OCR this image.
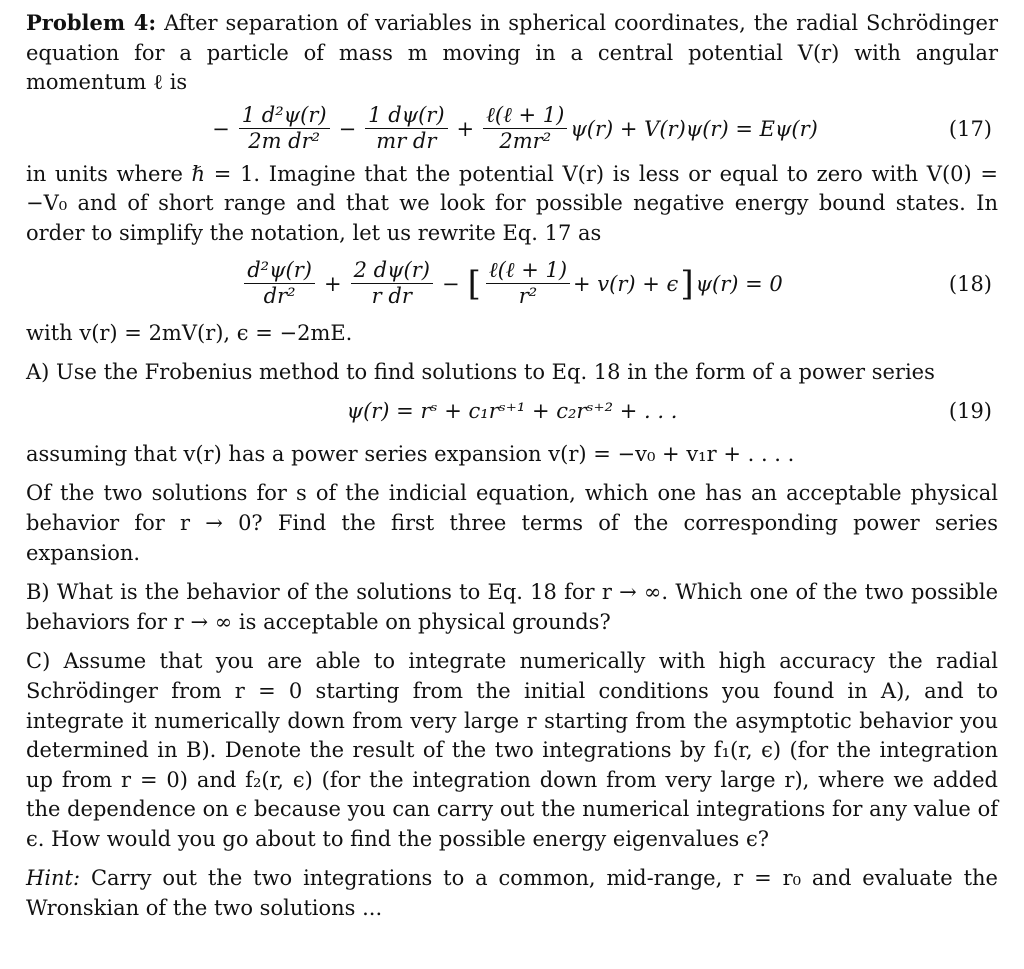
Problem 4: After separation of variables in spherical coordinates, the radial Schrödinger equation for a particle of mass m moving in a central potential V(r) with angular momentum ℓ is

− $\frac{\text{1 d²ψ(r)}}{\text{2m dr²}} - \frac{1 d\psi(r)}{\text{mr dr}} + \frac{\text{ℓ(ℓ + 1)}}{\text{2mr²}} \psi(r) + V(r)\psi(r) = E\psi(r)$	(17)

in units where ℏ = 1. Imagine that the potential V(r) is less or equal to zero with V(0) = −V₀ and of short range and that we look for possible negative energy bound states. In order to simplify the notation, let us rewrite Eq. 17 as

$\frac{\text{d²ψ(r)}}{\text{dr²}} + \frac{2 d\psi(r)}{\text{r dr}}$ − [ $\frac{\text{ℓ(ℓ + 1)}}{\text{r²}} + v(r) + \epsilon$ ] ψ(r) = 0	(18)

with v(r) = 2mV(r), ϵ = −2mE.

A) Use the Frobenius method to find solutions to Eq. 18 in the form of a power series

ψ(r) = rˢ + c₁rˢ⁺¹ + c₂rˢ⁺² + . . .	(19)

assuming that v(r) has a power series expansion v(r) = −v₀ + v₁r + . . . .

Of the two solutions for s of the indicial equation, which one has an acceptable physical behavior for r → 0? Find the first three terms of the corresponding power series expansion.

B) What is the behavior of the solutions to Eq. 18 for r → ∞. Which one of the two possible behaviors for r → ∞ is acceptable on physical grounds?

C) Assume that you are able to integrate numerically with high accuracy the radial Schrödinger from r = 0 starting from the initial conditions you found in A), and to integrate it numerically down from very large r starting from the asymptotic behavior you determined in B). Denote the result of the two integrations by f₁(r, ϵ) (for the integration up from r = 0) and f₂(r, ϵ) (for the integration down from very large r), where we added the dependence on ϵ because you can carry out the numerical integrations for any value of ϵ. How would you go about to find the possible energy eigenvalues ϵ?

Hint: Carry out the two integrations to a common, mid-range, r = r₀ and evaluate the Wronskian of the two solutions ...
